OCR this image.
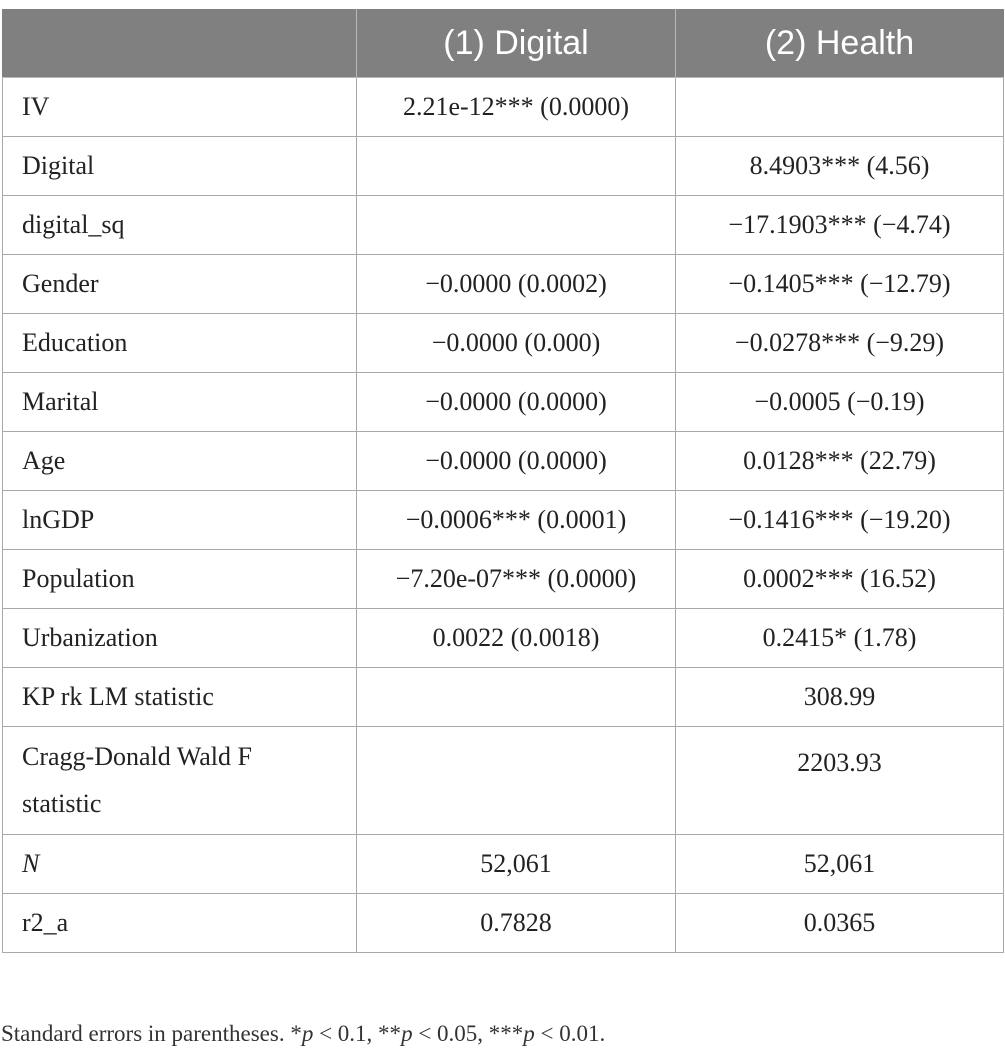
	(1) Digital	(2) Health
IV	2.21e-12*** (0.0000)	
Digital		8.4903*** (4.56)
digital_sq		−17.1903*** (−4.74)
Gender	−0.0000 (0.0002)	−0.1405*** (−12.79)
Education	−0.0000 (0.000)	−0.0278*** (−9.29)
Marital	−0.0000 (0.0000)	−0.0005 (−0.19)
Age	−0.0000 (0.0000)	0.0128*** (22.79)
lnGDP	−0.0006*** (0.0001)	−0.1416*** (−19.20)
Population	−7.20e-07*** (0.0000)	0.0002*** (16.52)
Urbanization	0.0022 (0.0018)	0.2415* (1.78)
KP rk LM statistic		308.99
Cragg-Donald Wald F
statistic		2203.93
N	52,061	52,061
r2_a	0.7828	0.0365
Standard errors in parentheses. *p < 0.1, **p < 0.05, ***p < 0.01.
